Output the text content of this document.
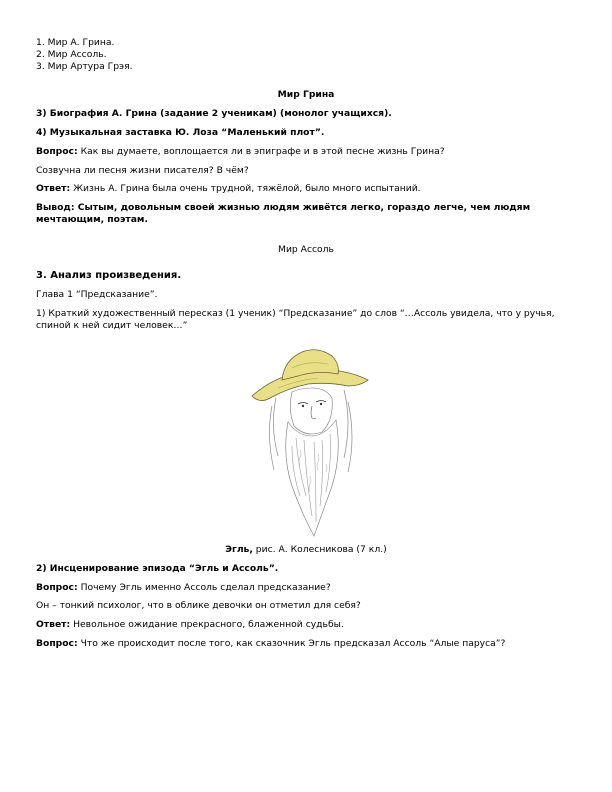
1. Мир А. Грина.
2. Мир Ассоль.
3. Мир Артура Грэя.
Мир Грина
3) Биография А. Грина (задание 2 ученикам) (монолог учащихся).
4) Музыкальная заставка Ю. Лоза “Маленький плот”.
Вопрос: Как вы думаете, воплощается ли в эпиграфе и в этой песне жизнь Грина?
Созвучна ли песня жизни писателя? В чём?
Ответ: Жизнь А. Грина была очень трудной, тяжёлой, было много испытаний.
Вывод: Сытым, довольным своей жизнью людям живётся легко, гораздо легче, чем людям мечтающим, поэтам.
Мир Ассоль
3. Анализ произведения.
Глава 1 “Предсказание”.
1) Краткий художественный пересказ (1 ученик) “Предсказание” до слов “…Ассоль увидела, что у ручья, спиной к ней сидит человек…”
Эгль, рис. А. Колесникова (7 кл.)
2) Инсценирование эпизода “Эгль и Ассоль”.
Вопрос: Почему Эгль именно Ассоль сделал предсказание?
Он – тонкий психолог, что в облике девочки он отметил для себя?
Ответ: Невольное ожидание прекрасного, блаженной судьбы.
Вопрос: Что же происходит после того, как сказочник Эгль предсказал Ассоль “Алые паруса”?
